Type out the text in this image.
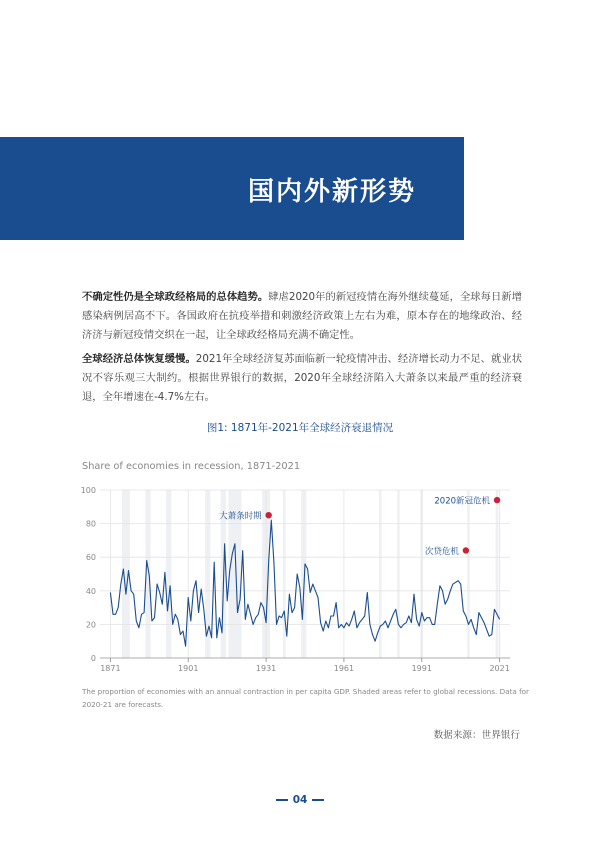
国内外新形势

不确定性仍是全球政经格局的总体趋势。肆虐2020年的新冠疫情在海外继续蔓延，全球每日新增感染病例居高不下。各国政府在抗疫举措和刺激经济政策上左右为难，原本存在的地缘政治、经济济与新冠疫情交织在一起，让全球政经格局充满不确定性。

全球经济总体恢复缓慢。2021年全球经济复苏面临新一轮疫情冲击、经济增长动力不足、就业状况不容乐观三大制约。根据世界银行的数据，2020年全球经济陷入大萧条以来最严重的经济衰退，全年增速在-4.7%左右。

图1: 1871年-2021年全球经济衰退情况
Share of economies in recession, 1871-2021
0
20
40
60
80
100
1871	1901	1931	1961	1991	2021
大萧条时期
次贷危机
2020新冠危机
The proportion of economies with an annual contraction in per capita GDP. Shaded areas refer to global recessions. Data for 2020-21 are forecasts.
数据来源：世界银行
04
